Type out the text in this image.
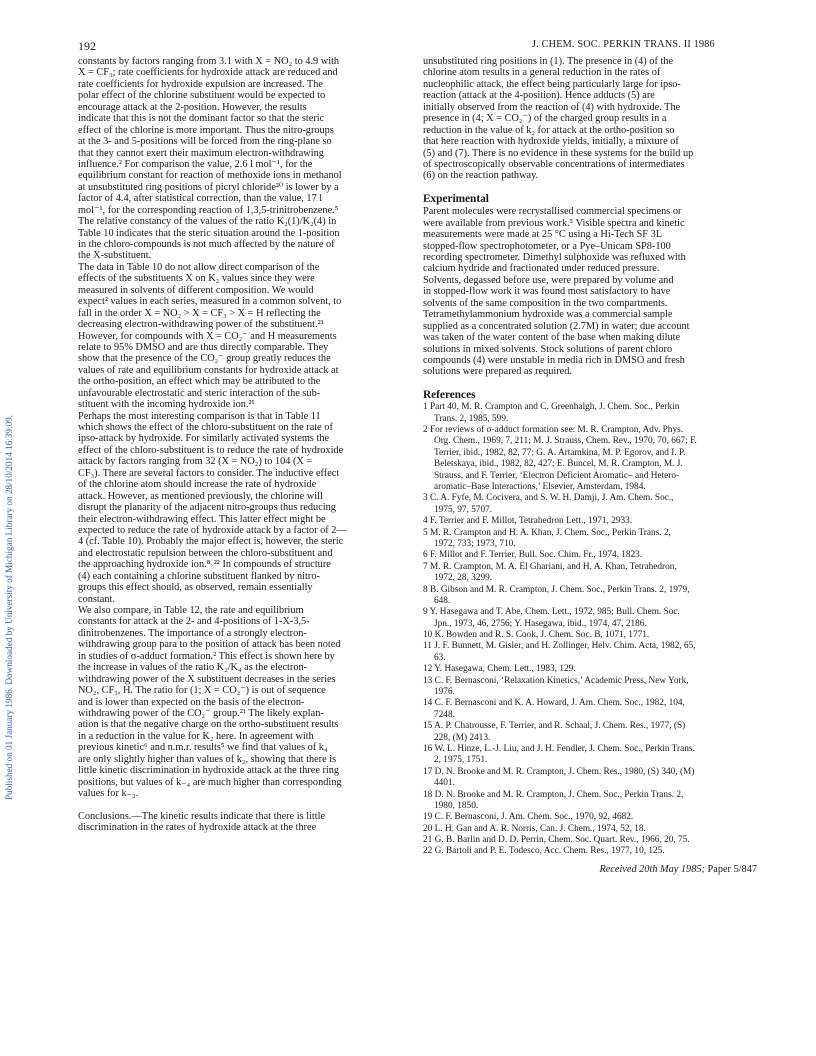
192	J. CHEM. SOC. PERKIN TRANS. II 1986
Published on 01 January 1986. Downloaded by University of Michigan Library on 28/10/2014 16:39:09.
constants by factors ranging from 3.1 with X = NO₂ to 4.9 with
X = CF₃; rate coefficients for hydroxide attack are reduced and
rate coefficients for hydroxide expulsion are increased. The
polar effect of the chlorine substituent would be expected to
encourage attack at the 2-position. However, the results
indicate that this is not the dominant factor so that the steric
effect of the chlorine is more important. Thus the nitro-groups
at the 3- and 5-positions will be forced from the ring-plane so
that they cannot exert their maximum electron-withdrawing
influence.² For comparison the value, 2.6 l mol⁻¹, for the
equilibrium constant for reaction of methoxide ions in methanol
at unsubstituted ring positions of picryl chloride²⁰ is lower by a
factor of 4.4, after statistical correction, than the value, 17 l
mol⁻¹, for the corresponding reaction of 1,3,5-trinitrobenzene.⁵
The relative constancy of the values of the ratio K₂(1)/K₂(4) in
Table 10 indicates that the steric situation around the 1-position
in the chloro-compounds is not much affected by the nature of
the X-substituent.
The data in Table 10 do not allow direct comparison of the
effects of the substituents X on K₂ values since they were
measured in solvents of different composition. We would
expect² values in each series, measured in a common solvent, to
fall in the order X = NO₂ > X = CF₃ > X = H reflecting the
decreasing electron-withdrawing power of the substituent.²¹
However, for compounds with X = CO₂⁻ and H measurements
relate to 95% DMSO and are thus directly comparable. They
show that the presence of the CO₂⁻ group greatly reduces the
values of rate and equilibrium constants for hydroxide attack at
the ortho-position, an effect which may be attributed to the
unfavourable electrostatic and steric interaction of the sub-
stituent with the incoming hydroxide ion.²¹
Perhaps the most interesting comparison is that in Table 11
which shows the effect of the chloro-substituent on the rate of
ipso-attack by hydroxide. For similarly activated systems the
effect of the chloro-substituent is to reduce the rate of hydroxide
attack by factors ranging from 32 (X = NO₂) to 104 (X =
CF₃). There are several factors to consider. The inductive effect
of the chlorine atom should increase the rate of hydroxide
attack. However, as mentioned previously, the chlorine will
disrupt the planarity of the adjacent nitro-groups thus reducing
their electron-withdrawing effect. This latter effect might be
expected to reduce the rate of hydroxide attack by a factor of 2—
4 (cf. Table 10). Probably the major effect is, however, the steric
and electrostatic repulsion between the chloro-substituent and
the approaching hydroxide ion.⁸˒²² In compounds of structure
(4) each containing a chlorine substituent flanked by nitro-
groups this effect should, as observed, remain essentially
constant.
We also compare, in Table 12, the rate and equilibrium
constants for attack at the 2- and 4-positions of 1-X-3,5-
dinitrobenzenes. The importance of a strongly electron-
withdrawing group para to the position of attack has been noted
in studies of σ-adduct formation.² This effect is shown here by
the increase in values of the ratio K₂/K₄ as the electron-
withdrawing power of the X substituent decreases in the series
NO₂, CF₃, H. The ratio for (1; X = CO₂⁻) is out of sequence
and is lower than expected on the basis of the electron-
withdrawing power of the CO₂⁻ group.²¹ The likely explan-
ation is that the negative charge on the ortho-substituent results
in a reduction in the value for K₂ here. In agreement with
previous kinetic⁶ and n.m.r. results⁵ we find that values of k₄
are only slightly higher than values of k₂, showing that there is
little kinetic discrimination in hydroxide attack at the three ring
positions, but values of k₋₄ are much higher than corresponding
values for k₋₂.
Conclusions.—The kinetic results indicate that there is little
discrimination in the rates of hydroxide attack at the three
unsubstituted ring positions in (1). The presence in (4) of the
chlorine atom results in a general reduction in the rates of
nucleophilic attack, the effect being particularly large for ipso-
reaction (attack at the 4-position). Hence adducts (5) are
initially observed from the reaction of (4) with hydroxide. The
presence in (4; X = CO₂⁻) of the charged group results in a
reduction in the value of k₂ for attack at the ortho-position so
that here reaction with hydroxide yields, initially, a mixture of
(5) and (7). There is no evidence in these systems for the build up
of spectroscopically observable concentrations of intermediates
(6) on the reaction pathway.
Experimental
Parent molecules were recrystallised commercial specimens or
were available from previous work.⁵ Visible spectra and kinetic
measurements were made at 25 °C using a Hi-Tech SF 3L
stopped-flow spectrophotometer, or a Pye–Unicam SP8-100
recording spectrometer. Dimethyl sulphoxide was refluxed with
calcium hydride and fractionated under reduced pressure.
Solvents, degassed before use, were prepared by volume and
in stopped-flow work it was found most satisfactory to have
solvents of the same composition in the two compartments.
Tetramethylammonium hydroxide was a commercial sample
supplied as a concentrated solution (2.7M) in water; due account
was taken of the water content of the base when making dilute
solutions in mixed solvents. Stock solutions of parent chloro
compounds (4) were unstable in media rich in DMSO and fresh
solutions were prepared as required.
References
1 Part 40, M. R. Crampton and C. Greenhalgh, J. Chem. Soc., Perkin
Trans. 2, 1985, 599.
2 For reviews of σ-adduct formation see: M. R. Crampton, Adv. Phys.
Org. Chem., 1969, 7, 211; M. J. Strauss, Chem. Rev., 1970, 70, 667; F.
Terrier, ibid., 1982, 82, 77; G. A. Artamkina, M. P. Egorov, and I. P.
Beletskaya, ibid., 1982, 82, 427; E. Buncel, M. R. Crampton, M. J.
Strauss, and F. Terrier, ‘Electron Deficient Aromatic– and Hetero-
aromatic–Base Interactions,’ Elsevier, Amsterdam, 1984.
3 C. A. Fyfe, M. Cocivera, and S. W. H. Damji, J. Am. Chem. Soc.,
1975, 97, 5707.
4 F. Terrier and F. Millot, Tetrahedron Lett., 1971, 2933.
5 M. R. Crampton and H. A. Khan, J. Chem. Soc., Perkin Trans. 2,
1972, 733; 1973, 710.
6 F. Millot and F. Terrier, Bull. Soc. Chim. Fr., 1974, 1823.
7 M. R. Crampton, M. A. El Ghariani, and H. A. Khan, Tetrahedron,
1972, 28, 3299.
8 B. Gibson and M. R. Crampton, J. Chem. Soc., Perkin Trans. 2, 1979,
648.
9 Y. Hasegawa and T. Abe, Chem. Lett., 1972, 985; Bull. Chem. Soc.
Jpn., 1973, 46, 2756; Y. Hasegawa, ibid., 1974, 47, 2186.
10 K. Bowden and R. S. Cook, J. Chem. Soc. B, 1071, 1771.
11 J. F. Bunnett, M. Gisler, and H. Zollinger, Helv. Chim. Acta, 1982, 65,
63.
12 Y. Hasegawa, Chem. Lett., 1983, 129.
13 C. F. Bernasconi, ‘Relaxation Kinetics,’ Academic Press, New York,
1976.
14 C. F. Bernasconi and K. A. Howard, J. Am. Chem. Soc., 1982, 104,
7248.
15 A. P. Chatrousse, F. Terrier, and R. Schaal, J. Chem. Res., 1977, (S)
228, (M) 2413.
16 W. L. Hinze, L.-J. Liu, and J. H. Fendler, J. Chem. Soc., Perkin Trans.
2, 1975, 1751.
17 D. N. Brooke and M. R. Crampton, J. Chem. Res., 1980, (S) 340, (M)
4401.
18 D. N. Brooke and M. R. Crampton, J. Chem. Soc., Perkin Trans. 2,
1980, 1850.
19 C. F. Bernasconi, J. Am. Chem. Soc., 1970, 92, 4682.
20 L. H. Gan and A. R. Norris, Can. J. Chem., 1974, 52, 18.
21 G. B. Barlin and D. D. Perrin, Chem. Soc. Quart. Rev., 1966, 20, 75.
22 G. Bartoli and P. E. Todesco, Acc. Chem. Res., 1977, 10, 125.
Received 20th May 1985; Paper 5/847
